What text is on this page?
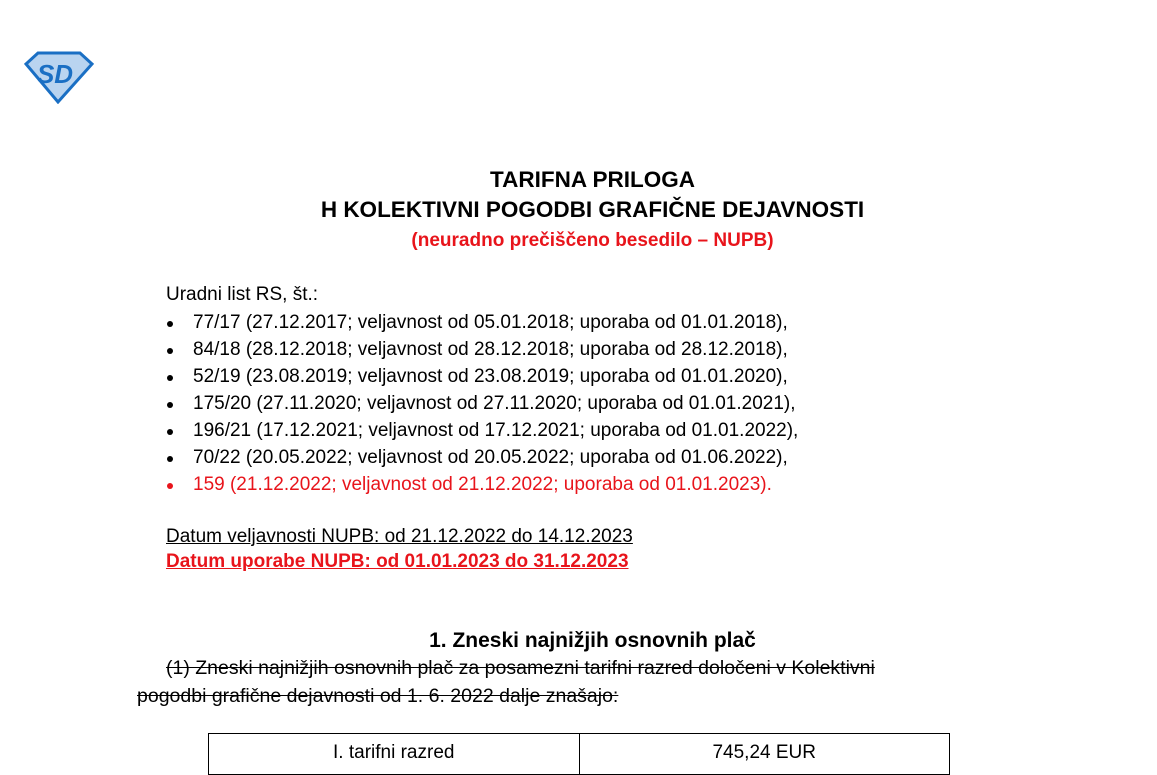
SD
TARIFNA PRILOGA
H KOLEKTIVNI POGODBI GRAFIČNE DEJAVNOSTI
(neuradno prečiščeno besedilo – NUPB)
Uradni list RS, št.:
77/17 (27.12.2017; veljavnost od 05.01.2018; uporaba od 01.01.2018),
84/18 (28.12.2018; veljavnost od 28.12.2018; uporaba od 28.12.2018),
52/19 (23.08.2019; veljavnost od 23.08.2019; uporaba od 01.01.2020),
175/20 (27.11.2020; veljavnost od 27.11.2020; uporaba od 01.01.2021),
196/21 (17.12.2021; veljavnost od 17.12.2021; uporaba od 01.01.2022),
70/22 (20.05.2022; veljavnost od 20.05.2022; uporaba od 01.06.2022),
159 (21.12.2022; veljavnost od 21.12.2022; uporaba od 01.01.2023).
Datum veljavnosti NUPB: od 21.12.2022 do 14.12.2023
Datum uporabe NUPB: od 01.01.2023 do 31.12.2023
1. Zneski najnižjih osnovnih plač
(1) Zneski najnižjih osnovnih plač za posamezni tarifni razred določeni v Kolektivni
pogodbi grafične dejavnosti od 1. 6. 2022 dalje znašajo:
I. tarifni razred	745,24 EUR
